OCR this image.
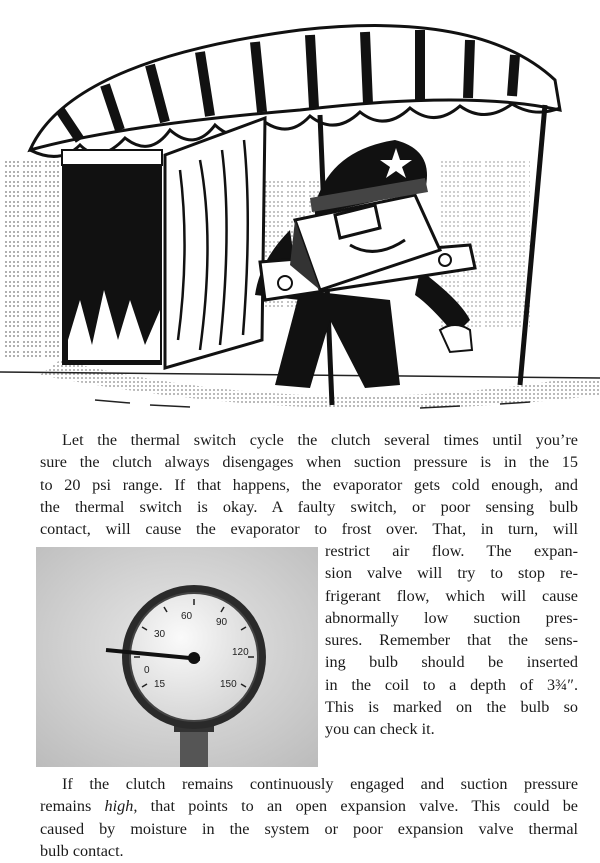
Let the thermal switch cycle the clutch several times until you’re
sure the clutch always disengages when suction pressure is in the 15
to 20 psi range. If that happens, the evaporator gets cold enough, and
the thermal switch is okay. A faulty switch, or poor sensing bulb
contact, will cause the evaporator to frost over. That, in turn, will
30
60
90
120
150
15
0
restrict air flow. The expan-
sion valve will try to stop re-
frigerant flow, which will cause
abnormally low suction pres-
sures. Remember that the sens-
ing bulb should be inserted
in the coil to a depth of 3¾″.
This is marked on the bulb so
you can check it.
If the clutch remains continuously engaged and suction pressure
remains high, that points to an open expansion valve. This could be
caused by moisture in the system or poor expansion valve thermal
bulb contact.
